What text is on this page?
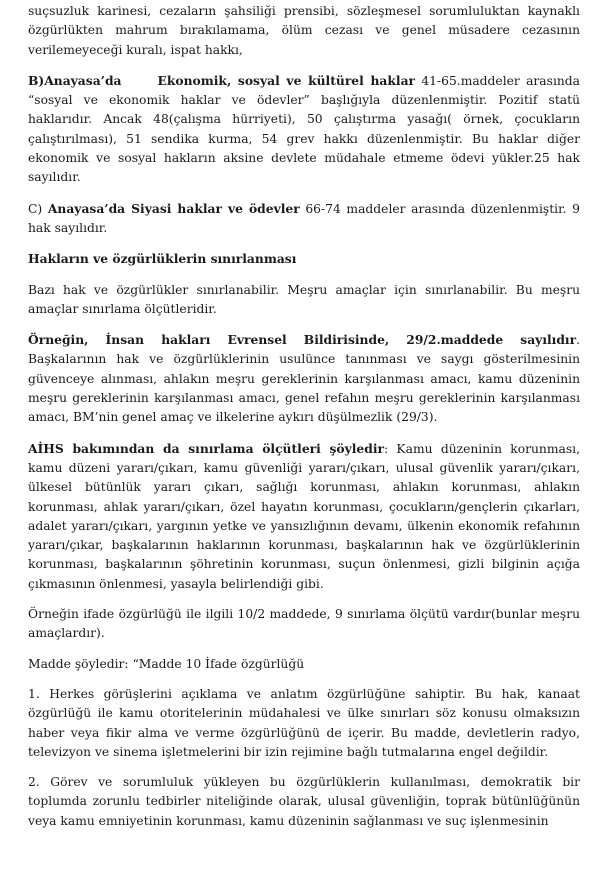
suçsuzluk karinesi, cezaların şahsiliği prensibi, sözleşmesel sorumluluktan kaynaklı özgürlükten mahrum bırakılamama, ölüm cezası ve genel müsadere cezasının verilemeyeceği kuralı, ispat hakkı,

B)Anayasa’da	Ekonomik, sosyal ve kültürel haklar 41-65.maddeler arasında “sosyal ve ekonomik haklar ve ödevler” başlığıyla düzenlenmiştir. Pozitif statü haklarıdır. Ancak 48(çalışma hürriyeti), 50 çalıştırma yasağı( örnek, çocukların çalıştırılması), 51 sendika kurma, 54 grev hakkı düzenlenmiştir. Bu haklar diğer ekonomik ve sosyal hakların aksine devlete müdahale etmeme ödevi yükler.25 hak sayılıdır.

C) Anayasa’da Siyasi haklar ve ödevler 66-74 maddeler arasında düzenlenmiştir. 9 hak sayılıdır.

Hakların ve özgürlüklerin sınırlanması

Bazı hak ve özgürlükler sınırlanabilir. Meşru amaçlar için sınırlanabilir. Bu meşru amaçlar sınırlama ölçütleridir.

Örneğin, İnsan hakları Evrensel Bildirisinde, 29/2.maddede sayılıdır. Başkalarının hak ve özgürlüklerinin usulünce tanınması ve saygı gösterilmesinin güvenceye alınması, ahlakın meşru gereklerinin karşılanması amacı, kamu düzeninin meşru gereklerinin karşılanması amacı, genel refahın meşru gereklerinin karşılanması amacı, BM’nin genel amaç ve ilkelerine aykırı düşülmezlik (29/3).

AİHS bakımından da sınırlama ölçütleri şöyledir: Kamu düzeninin korunması, kamu düzeni yararı/çıkarı, kamu güvenliği yararı/çıkarı, ulusal güvenlik yararı/çıkarı, ülkesel bütünlük yararı çıkarı, sağlığı korunması, ahlakın korunması, ahlakın korunması, ahlak yararı/çıkarı, özel hayatın korunması, çocukların/gençlerin çıkarları, adalet yararı/çıkarı, yargının yetke ve yansızlığının devamı, ülkenin ekonomik refahının yararı/çıkar, başkalarının haklarının korunması, başkalarının hak ve özgürlüklerinin korunması, başkalarının şöhretinin korunması, suçun önlenmesi, gizli bilginin açığa çıkmasının önlenmesi, yasayla belirlendiği gibi.

Örneğin ifade özgürlüğü ile ilgili 10/2 maddede, 9 sınırlama ölçütü vardır(bunlar meşru amaçlardır).

Madde şöyledir: “Madde 10 İfade özgürlüğü

1. Herkes görüşlerini açıklama ve anlatım özgürlüğüne sahiptir. Bu hak, kanaat özgürlüğü ile kamu otoritelerinin müdahalesi ve ülke sınırları söz konusu olmaksızın haber veya fikir alma ve verme özgürlüğünü de içerir. Bu madde, devletlerin radyo, televizyon ve sinema işletmelerini bir izin rejimine bağlı tutmalarına engel değildir.

2. Görev ve sorumluluk yükleyen bu özgürlüklerin kullanılması, demokratik bir toplumda zorunlu tedbirler niteliğinde olarak, ulusal güvenliğin, toprak bütünlüğünün veya kamu emniyetinin korunması, kamu düzeninin sağlanması ve suç işlenmesinin
